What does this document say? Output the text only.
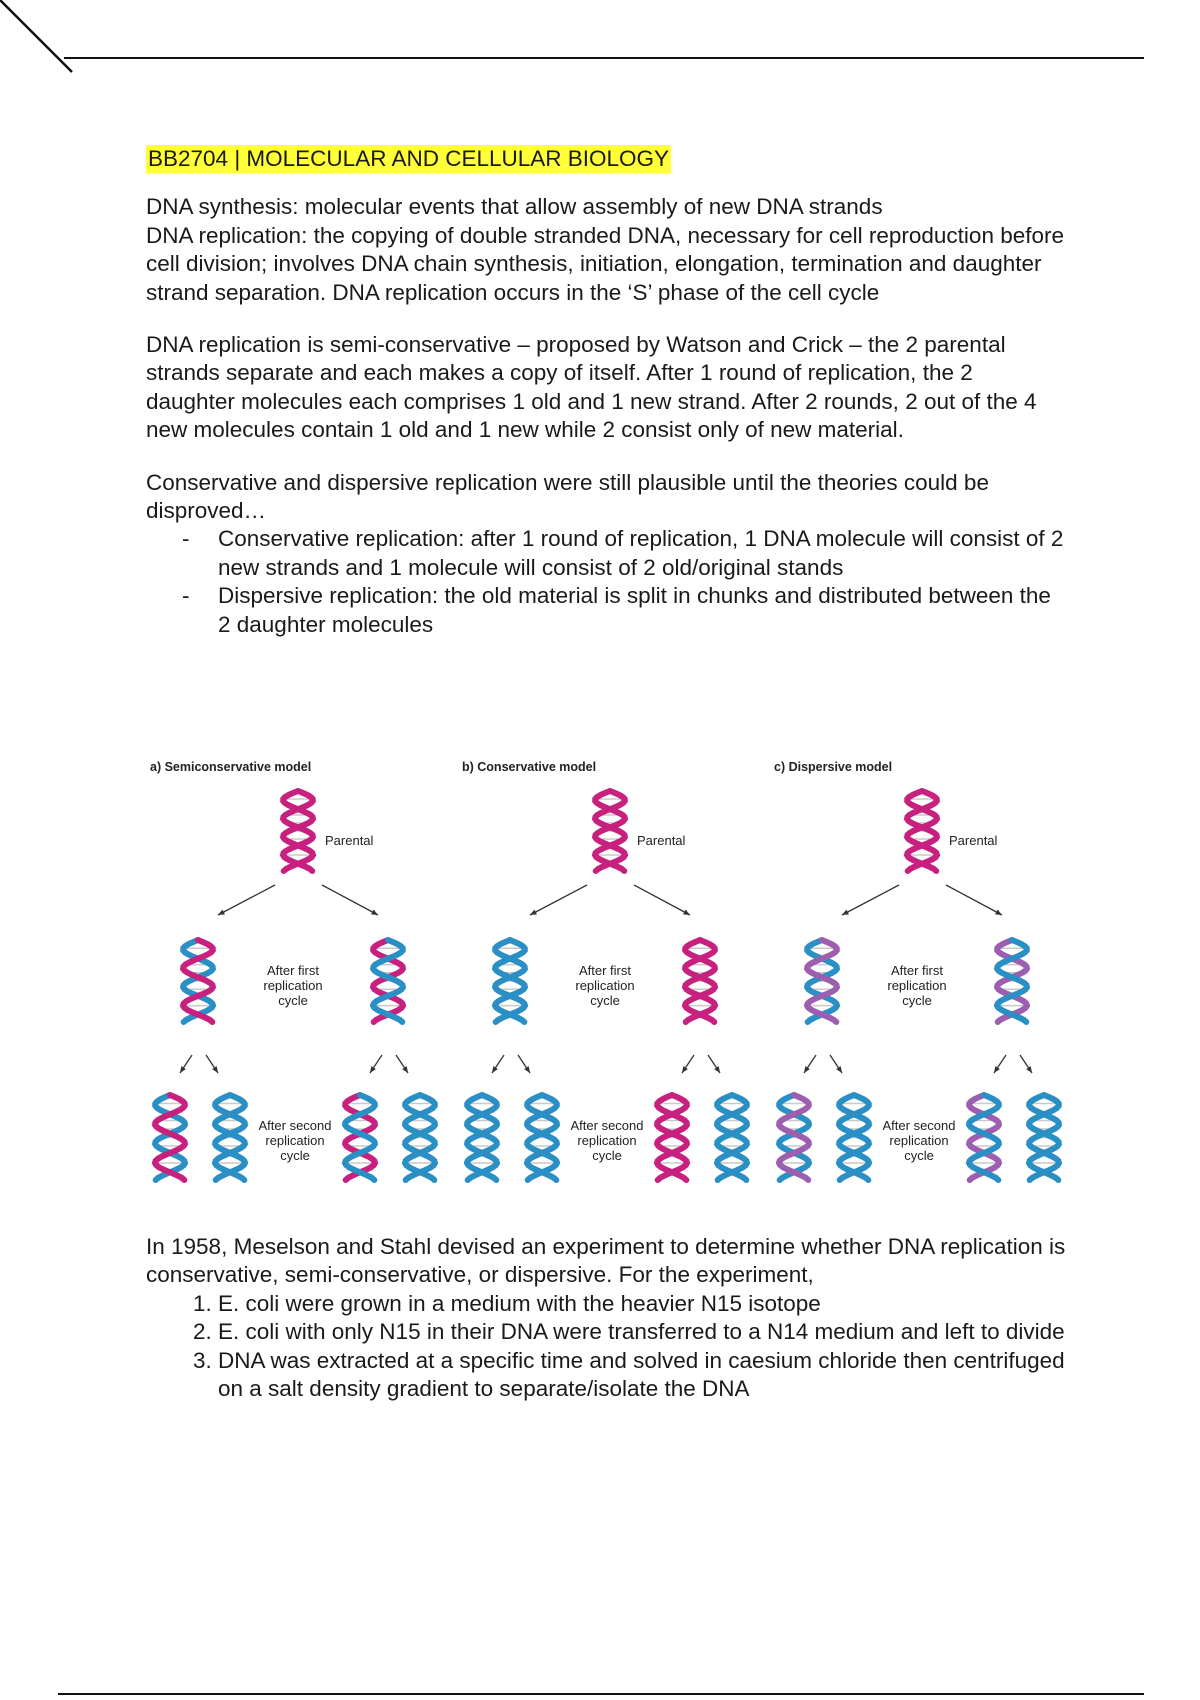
BB2704 | MOLECULAR AND CELLULAR BIOLOGY

DNA synthesis: molecular events that allow assembly of new DNA strands
DNA replication: the copying of double stranded DNA, necessary for cell reproduction before cell division; involves DNA chain synthesis, initiation, elongation, termination and daughter strand separation. DNA replication occurs in the ‘S’ phase of the cell cycle

DNA replication is semi-conservative – proposed by Watson and Crick – the 2 parental strands separate and each makes a copy of itself. After 1 round of replication, the 2 daughter molecules each comprises 1 old and 1 new strand. After 2 rounds, 2 out of the 4 new molecules contain 1 old and 1 new while 2 consist only of new material.

Conservative and dispersive replication were still plausible until the theories could be disproved…

- Conservative replication: after 1 round of replication, 1 DNA molecule will consist of 2 new strands and 1 molecule will consist of 2 old/original stands
- Dispersive replication: the old material is split in chunks and distributed between the 2 daughter molecules
a) Semiconservative model
Parental
After first replication cycle
After second replication cycle
b) Conservative model
Parental
After first replication cycle
After second replication cycle
c) Dispersive model
Parental
After first replication cycle
After second replication cycle
In 1958, Meselson and Stahl devised an experiment to determine whether DNA replication is conservative, semi-conservative, or dispersive. For the experiment,
1. E. coli were grown in a medium with the heavier N15 isotope
2. E. coli with only N15 in their DNA were transferred to a N14 medium and left to divide
3. DNA was extracted at a specific time and solved in caesium chloride then centrifuged on a salt density gradient to separate/isolate the DNA
